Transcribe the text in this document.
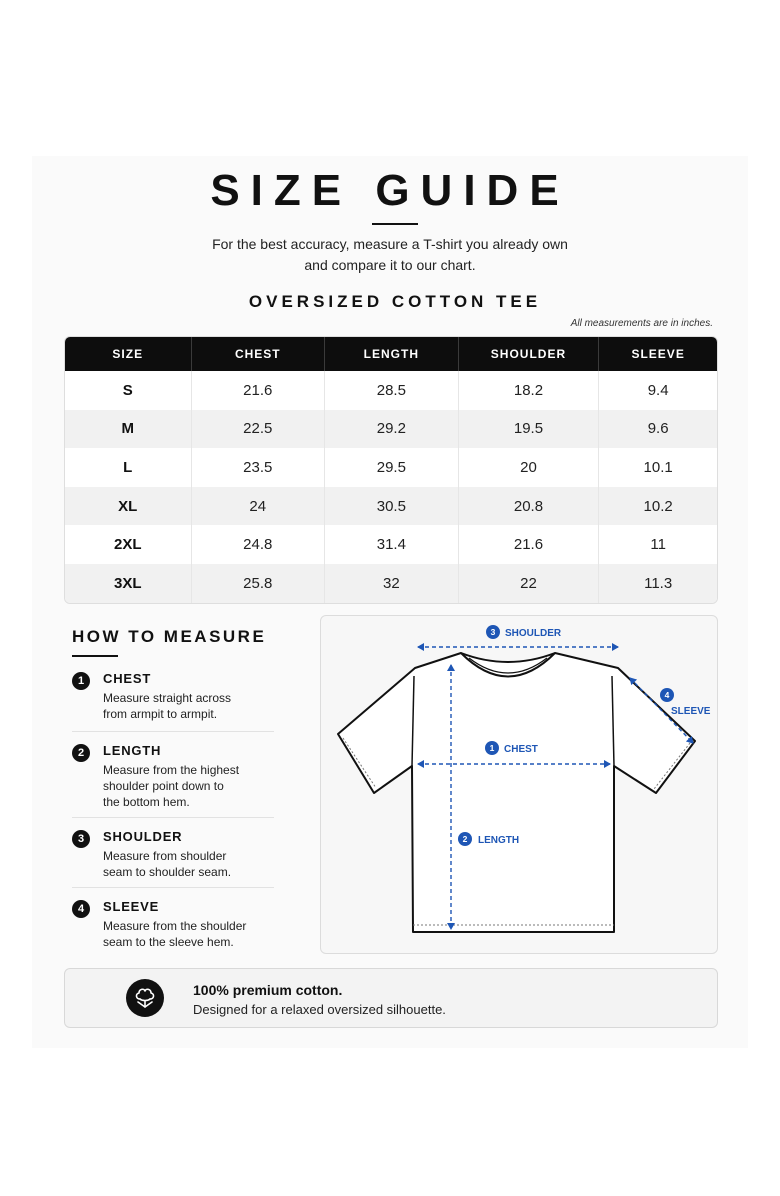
SIZE GUIDE
For the best accuracy, measure a T-shirt you already own
and compare it to our chart.
OVERSIZED COTTON TEE
All measurements are in inches.
SIZE	CHEST	LENGTH	SHOULDER	SLEEVE
S	21.6	28.5	18.2	9.4
M	22.5	29.2	19.5	9.6
L	23.5	29.5	20	10.1
XL	24	30.5	20.8	10.2
2XL	24.8	31.4	21.6	11
3XL	25.8	32	22	11.3
HOW TO MEASURE
1	CHEST
Measure straight across
from armpit to armpit.
2	LENGTH
Measure from the highest
shoulder point down to
the bottom hem.
3	SHOULDER
Measure from shoulder
seam to shoulder seam.
4	SLEEVE
Measure from the shoulder
seam to the sleeve hem.
3 SHOULDER
4
SLEEVE
1 CHEST
2 LENGTH
100% premium cotton.
Designed for a relaxed oversized silhouette.
